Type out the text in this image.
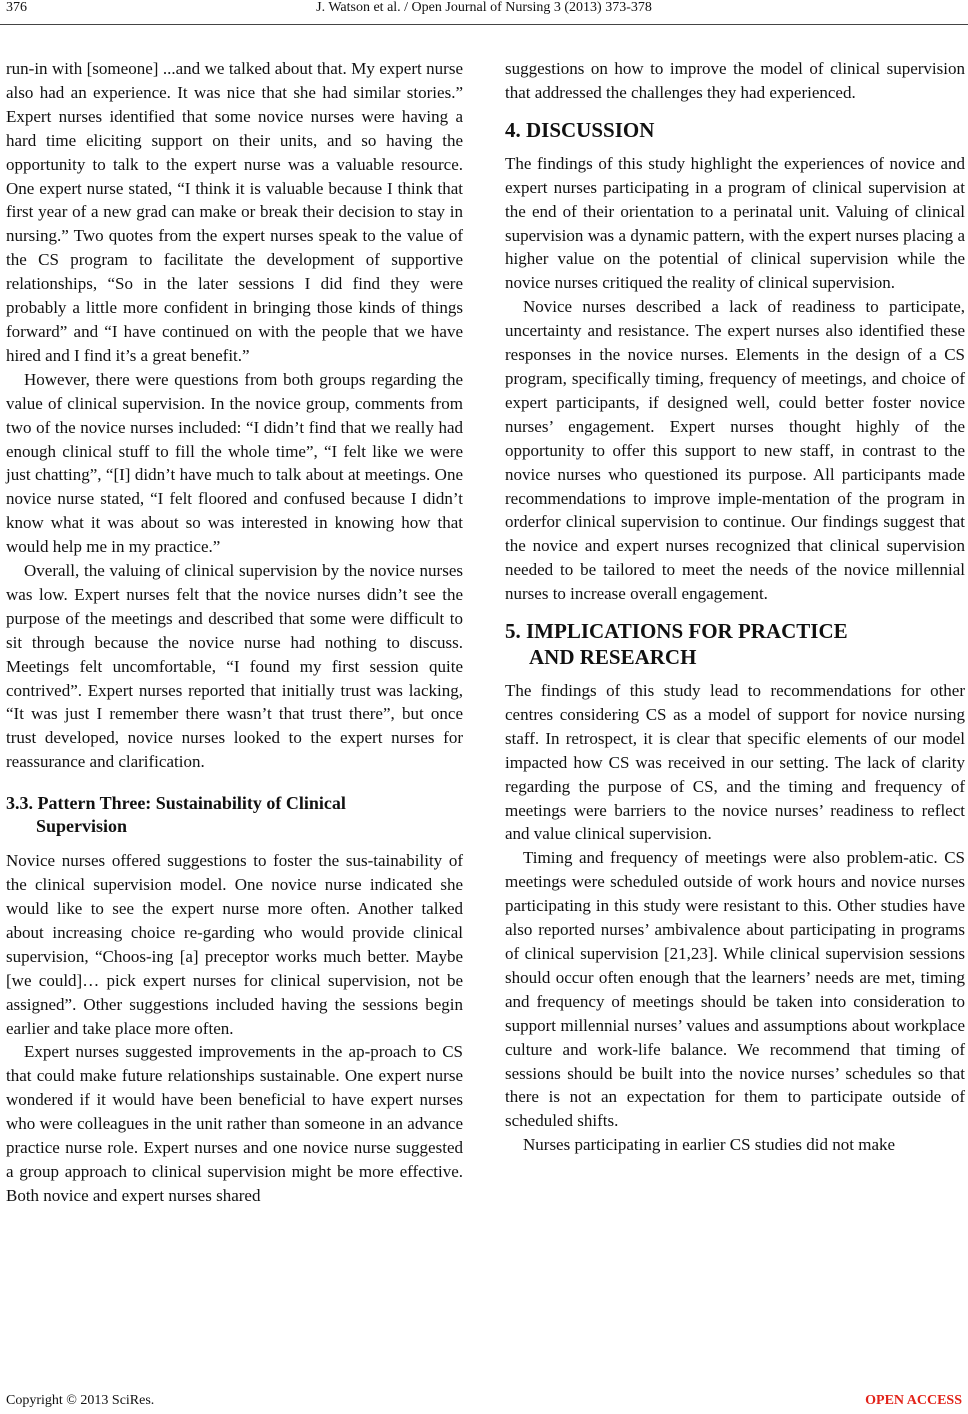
376	J. Watson et al. / Open Journal of Nursing 3 (2013) 373-378

run-in with [someone] ...and we talked about that. My expert nurse also had an experience. It was nice that she had similar stories.” Expert nurses identified that some novice nurses were having a hard time eliciting support on their units, and so having the opportunity to talk to the expert nurse was a valuable resource. One expert nurse stated, “I think it is valuable because I think that first year of a new grad can make or break their decision to stay in nursing.” Two quotes from the expert nurses speak to the value of the CS program to facilitate the development of supportive relationships, “So in the later sessions I did find they were probably a little more confident in bringing those kinds of things forward” and “I have continued on with the people that we have hired and I find it’s a great benefit.”

However, there were questions from both groups regarding the value of clinical supervision. In the novice group, comments from two of the novice nurses included: “I didn’t find that we really had enough clinical stuff to fill the whole time”, “I felt like we were just chatting”, “[I] didn’t have much to talk about at meetings. One novice nurse stated, “I felt floored and confused because I didn’t know what it was about so was interested in knowing how that would help me in my practice.”

Overall, the valuing of clinical supervision by the novice nurses was low. Expert nurses felt that the novice nurses didn’t see the purpose of the meetings and described that some were difficult to sit through because the novice nurse had nothing to discuss. Meetings felt uncomfortable, “I found my first session quite contrived”. Expert nurses reported that initially trust was lacking, “It was just I remember there wasn’t that trust there”, but once trust developed, novice nurses looked to the expert nurses for reassurance and clarification.

3.3. Pattern Three: Sustainability of Clinical
Supervision

Novice nurses offered suggestions to foster the sus-tainability of the clinical supervision model. One novice nurse indicated she would like to see the expert nurse more often. Another talked about increasing choice re-garding who would provide clinical supervision, “Choos-ing [a] preceptor works much better. Maybe [we could]… pick expert nurses for clinical supervision, not be assigned”. Other suggestions included having the sessions begin earlier and take place more often.

Expert nurses suggested improvements in the ap-proach to CS that could make future relationships sustainable. One expert nurse wondered if it would have been beneficial to have expert nurses who were colleagues in the unit rather than someone in an advance practice nurse role. Expert nurses and one novice nurse suggested a group approach to clinical supervision might be more effective. Both novice and expert nurses shared

suggestions on how to improve the model of clinical supervision that addressed the challenges they had experienced.

4. DISCUSSION

The findings of this study highlight the experiences of novice and expert nurses participating in a program of clinical supervision at the end of their orientation to a perinatal unit. Valuing of clinical supervision was a dynamic pattern, with the expert nurses placing a higher value on the potential of clinical supervision while the novice nurses critiqued the reality of clinical supervision.

Novice nurses described a lack of readiness to participate, uncertainty and resistance. The expert nurses also identified these responses in the novice nurses. Elements in the design of a CS program, specifically timing, frequency of meetings, and choice of expert participants, if designed well, could better foster novice nurses’ engagement. Expert nurses thought highly of the opportunity to offer this support to new staff, in contrast to the novice nurses who questioned its purpose. All participants made recommendations to improve imple-mentation of the program in orderfor clinical supervision to continue. Our findings suggest that the novice and expert nurses recognized that clinical supervision needed to be tailored to meet the needs of the novice millennial nurses to increase overall engagement.

5. IMPLICATIONS FOR PRACTICE
AND RESEARCH

The findings of this study lead to recommendations for other centres considering CS as a model of support for novice nursing staff. In retrospect, it is clear that specific elements of our model impacted how CS was received in our setting. The lack of clarity regarding the purpose of CS, and the timing and frequency of meetings were barriers to the novice nurses’ readiness to reflect and value clinical supervision.

Timing and frequency of meetings were also problem-atic. CS meetings were scheduled outside of work hours and novice nurses participating in this study were resistant to this. Other studies have also reported nurses’ ambivalence about participating in programs of clinical supervision [21,23]. While clinical supervision sessions should occur often enough that the learners’ needs are met, timing and frequency of meetings should be taken into consideration to support millennial nurses’ values and assumptions about workplace culture and work-life balance. We recommend that timing of sessions should be built into the novice nurses’ schedules so that there is not an expectation for them to participate outside of scheduled shifts.

Nurses participating in earlier CS studies did not make

Copyright © 2013 SciRes.	OPEN ACCESS
